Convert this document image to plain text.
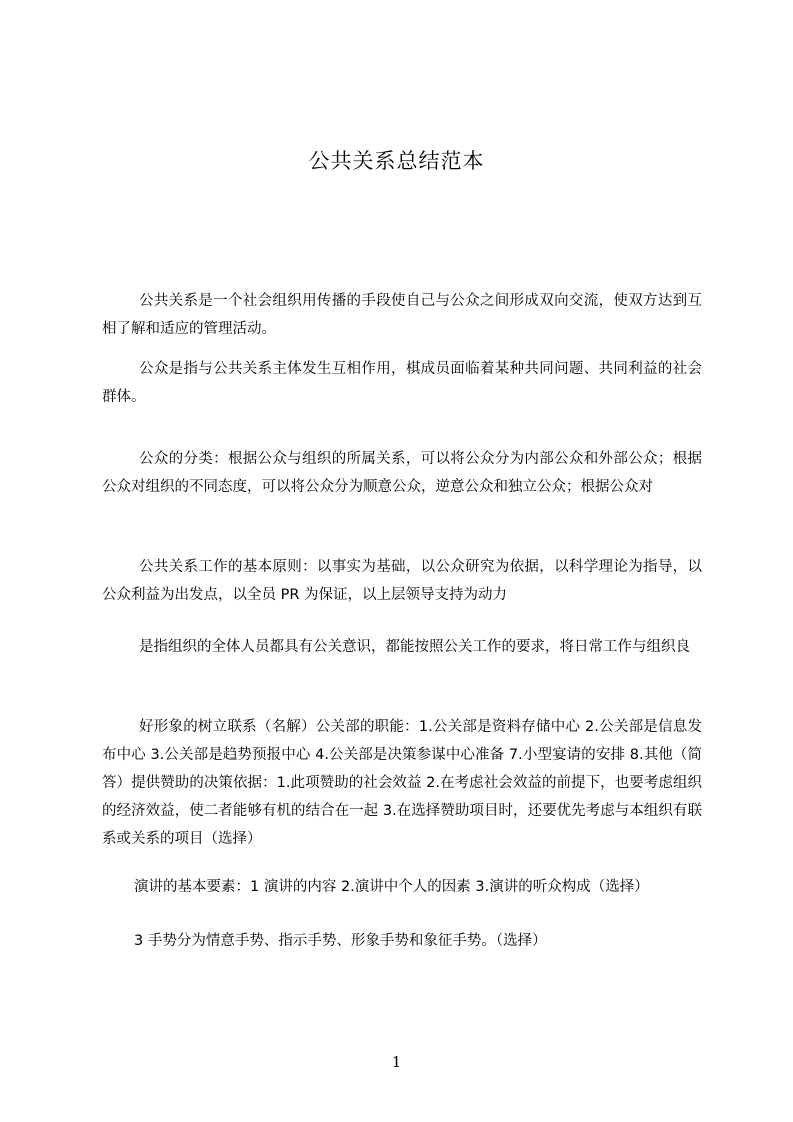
公共关系总结范本

公共关系是一个社会组织用传播的手段使自己与公众之间形成双向交流，使双方达到互相了解和适应的管理活动。

公众是指与公共关系主体发生互相作用，棋成员面临着某种共同问题、共同利益的社会群体。

公众的分类：根据公众与组织的所属关系，可以将公众分为内部公众和外部公众；根据公众对组织的不同态度，可以将公众分为顺意公众，逆意公众和独立公众；根据公众对

公共关系工作的基本原则：以事实为基础，以公众研究为依据，以科学理论为指导，以公众利益为出发点，以全员 PR 为保证，以上层领导支持为动力

是指组织的全体人员都具有公关意识，都能按照公关工作的要求，将日常工作与组织良

好形象的树立联系（名解）公关部的职能：1.公关部是资料存储中心 2.公关部是信息发布中心 3.公关部是趋势预报中心 4.公关部是决策参谋中心准备 7.小型宴请的安排 8.其他（简答）提供赞助的决策依据：1.此项赞助的社会效益 2.在考虑社会效益的前提下，也要考虑组织的经济效益，使二者能够有机的结合在一起 3.在选择赞助项目时，还要优先考虑与本组织有联系或关系的项目（选择）

演讲的基本要素：1 演讲的内容 2.演讲中个人的因素 3.演讲的听众构成（选择）

3 手势分为情意手势、指示手势、形象手势和象征手势。（选择）

1
